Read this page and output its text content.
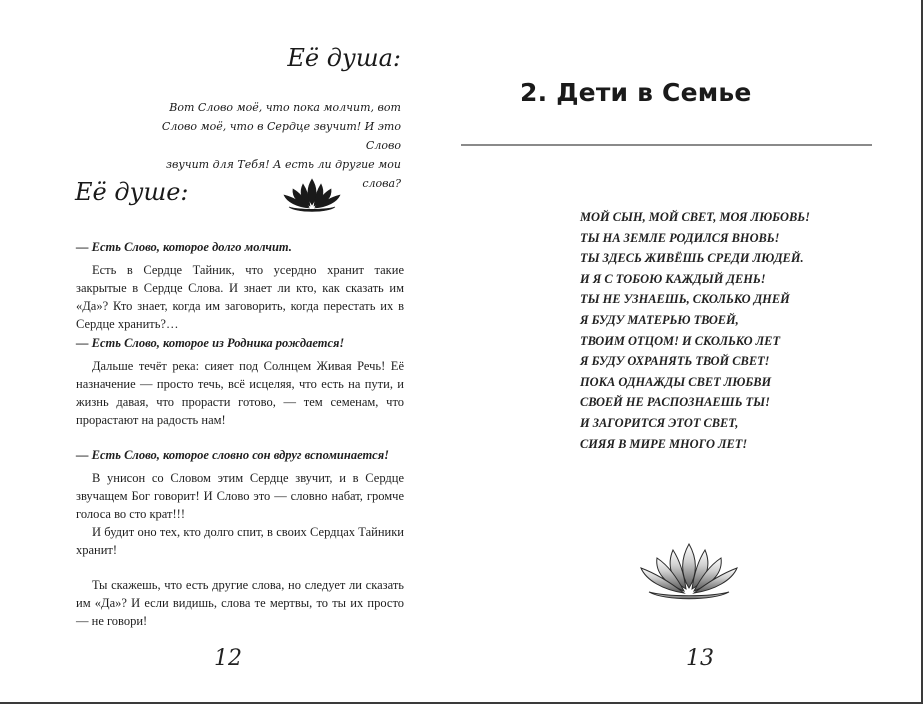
Её душа:
Вот Слово моё, что пока молчит, вот
Слово моё, что в Сердце звучит! И это Слово
звучит для Тебя! А есть ли другие мои слова?
Её душе:

— Есть Слово, которое долго молчит.

Есть в Сердце Тайник, что усердно хранит такие закрытые в Сердце Слова. И знает ли кто, как сказать им «Да»? Кто знает, когда им заговорить, когда перестать их в Сердце хранить?…

— Есть Слово, которое из Родника рождается!

Дальше течёт река: сияет под Солнцем Живая Речь! Её назначение — просто течь, всё исцеляя, что есть на пути, и жизнь давая, что прорасти готово, — тем семенам, что прорастают на радость нам!

— Есть Слово, которое словно сон вдруг вспоминается!

В унисон со Словом этим Сердце звучит, и в Сердце звучащем Бог говорит! И Слово это — словно набат, громче голоса во сто крат!!!

И будит оно тех, кто долго спит, в своих Сердцах Тайники хранит!

Ты скажешь, что есть другие слова, но следует ли сказать им «Да»? И если видишь, слова те мертвы, то ты их просто — не говори!

12
2. Дети в Семье
МОЙ СЫН, МОЙ СВЕТ, МОЯ ЛЮБОВЬ!
ТЫ НА ЗЕМЛЕ РОДИЛСЯ ВНОВЬ!
ТЫ ЗДЕСЬ ЖИВЁШЬ СРЕДИ ЛЮДЕЙ.
И Я С ТОБОЮ КАЖДЫЙ ДЕНЬ!
ТЫ НЕ УЗНАЕШЬ, СКОЛЬКО ДНЕЙ
Я БУДУ МАТЕРЬЮ ТВОЕЙ,
ТВОИМ ОТЦОМ! И СКОЛЬКО ЛЕТ
Я БУДУ ОХРАНЯТЬ ТВОЙ СВЕТ!
ПОКА ОДНАЖДЫ СВЕТ ЛЮБВИ
СВОЕЙ НЕ РАСПОЗНАЕШЬ ТЫ!
И ЗАГОРИТСЯ ЭТОТ СВЕТ,
СИЯЯ В МИРЕ МНОГО ЛЕТ!
13
